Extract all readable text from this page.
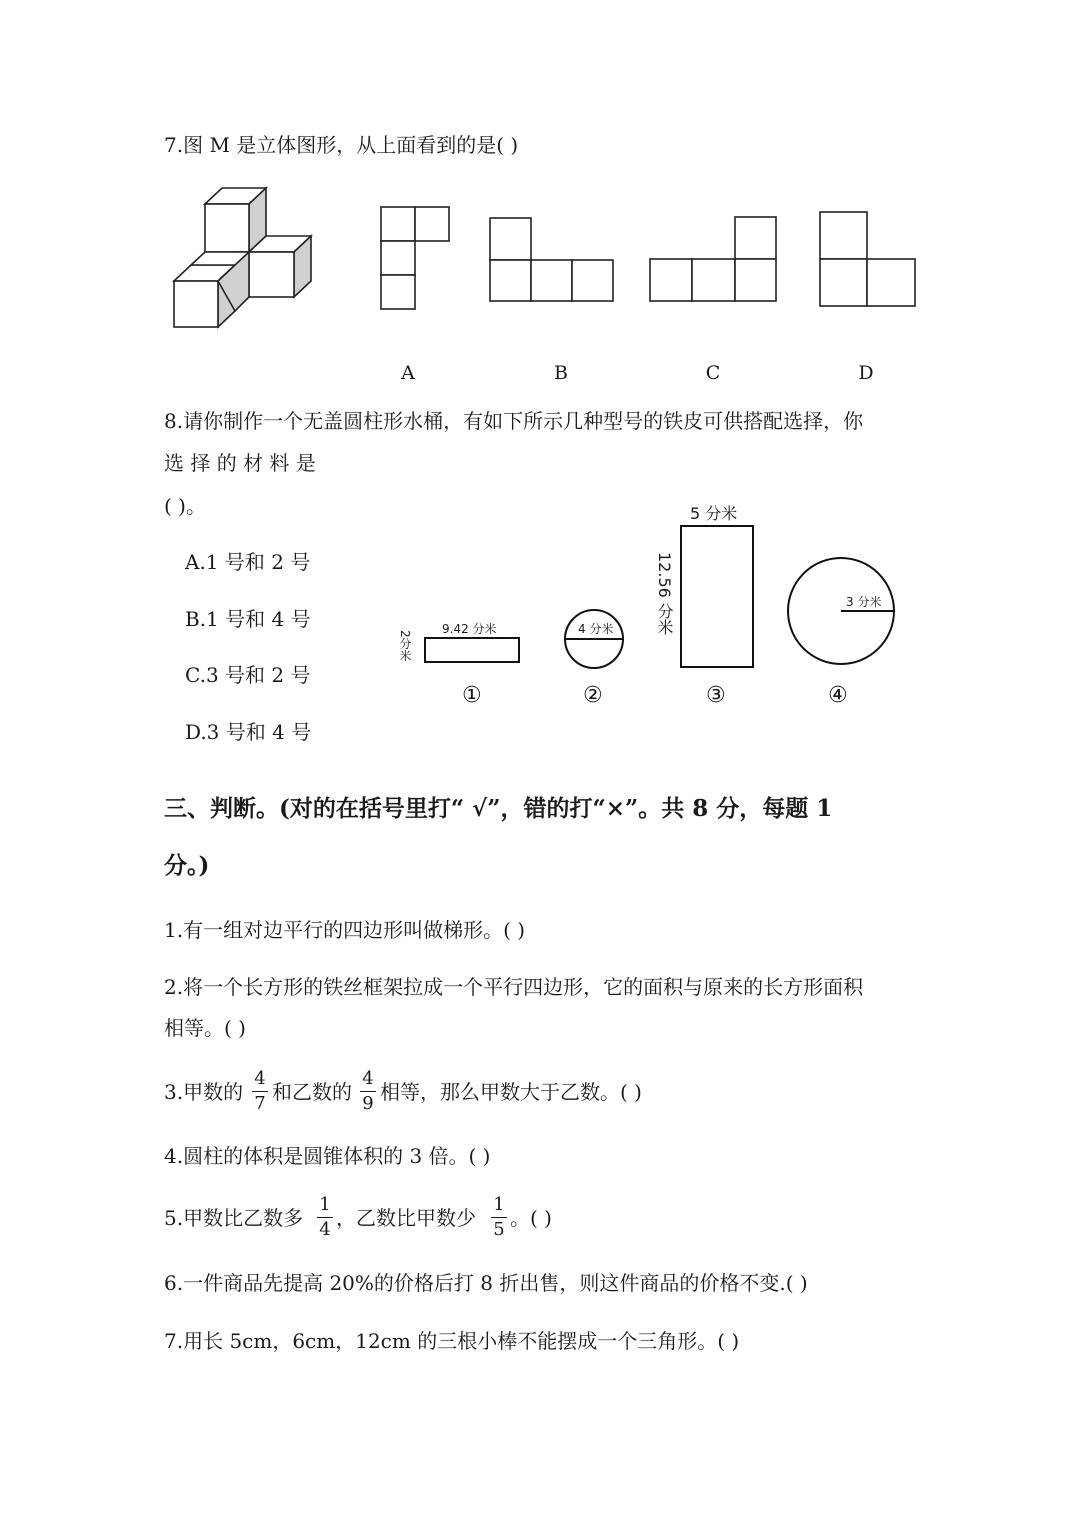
7.图 M 是立体图形，从上面看到的是( )
A	B	C	D
8.请你制作一个无盖圆柱形水桶，有如下所示几种型号的铁皮可供搭配选择，你
选 择 的 材 料 是
( )。
A.1 号和 2 号
B.1 号和 4 号
C.3 号和 2 号
D.3 号和 4 号
9.42 分米
2分米
4 分米
5 分米
12.56 分米	3 分米
①	②	③	④
三、判断。(对的在括号里打“ √”，错的打“×”。共 8 分，每题 1
分。)
1.有一组对边平行的四边形叫做梯形。( )
2.将一个长方形的铁丝框架拉成一个平行四边形，它的面积与原来的长方形面积
相等。( )
3.甲数的
4
7 和乙数的
4
9 相等，那么甲数大于乙数。( )
4.圆柱的体积是圆锥体积的 3 倍。( )
5.甲数比乙数多
1
4 ，乙数比甲数少
1
5 。( )
6.一件商品先提高 20%的价格后打 8 折出售，则这件商品的价格不变.( )
7.用长 5cm，6cm，12cm 的三根小棒不能摆成一个三角形。( )
